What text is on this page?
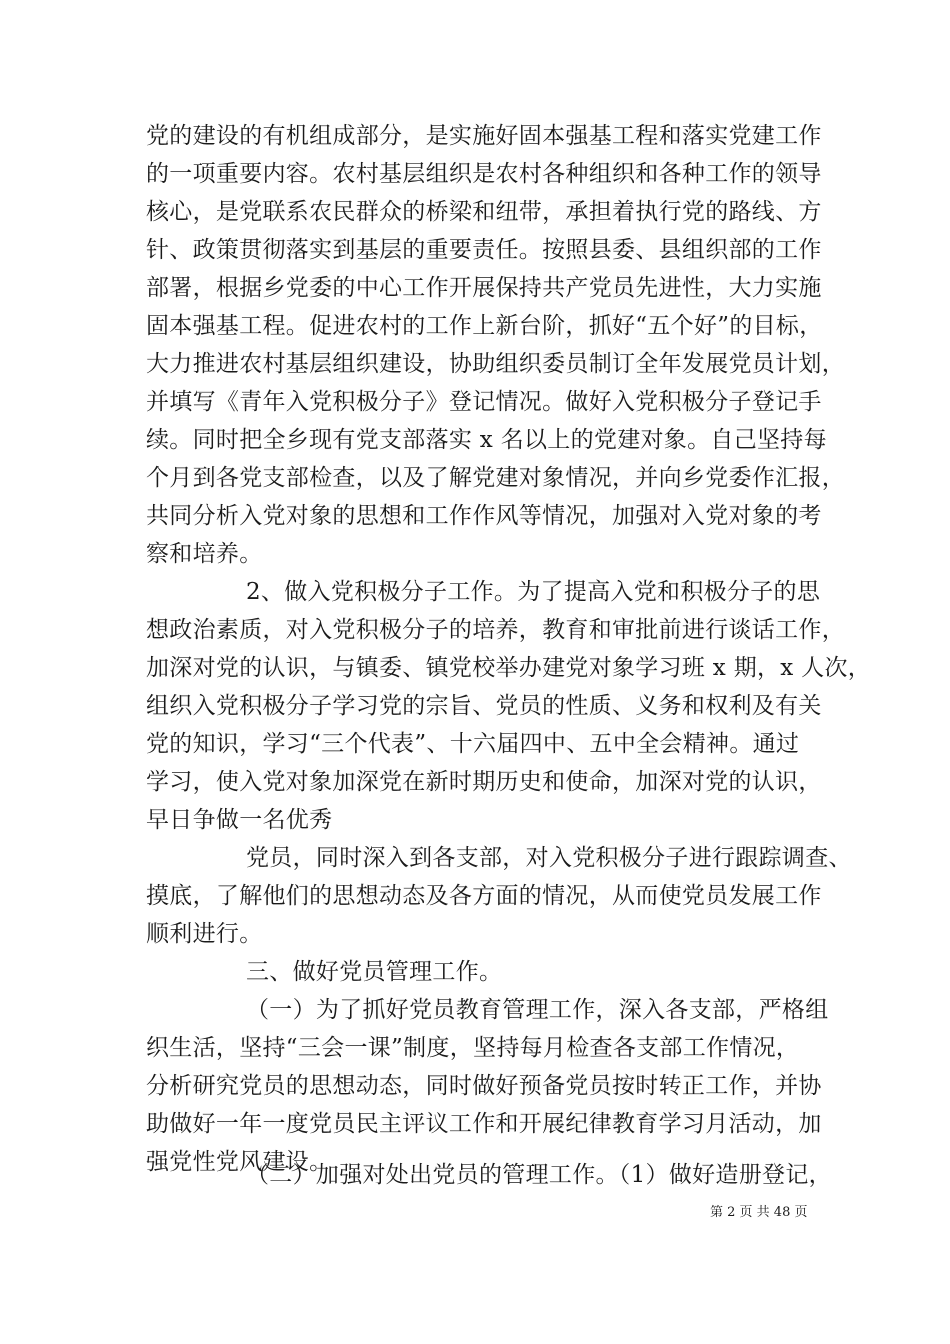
党的建设的有机组成部分，是实施好固本强基工程和落实党建工作
的一项重要内容。农村基层组织是农村各种组织和各种工作的领导
核心，是党联系农民群众的桥梁和纽带，承担着执行党的路线、方
针、政策贯彻落实到基层的重要责任。按照县委、县组织部的工作
部署，根据乡党委的中心工作开展保持共产党员先进性，大力实施
固本强基工程。促进农村的工作上新台阶，抓好“五个好”的目标，
大力推进农村基层组织建设，协助组织委员制订全年发展党员计划，
并填写《青年入党积极分子》登记情况。做好入党积极分子登记手
续。同时把全乡现有党支部落实 x 名以上的党建对象。自己坚持每
个月到各党支部检查，以及了解党建对象情况，并向乡党委作汇报，
共同分析入党对象的思想和工作作风等情况，加强对入党对象的考
察和培养。
2、做入党积极分子工作。为了提高入党和积极分子的思
想政治素质，对入党积极分子的培养，教育和审批前进行谈话工作，
加深对党的认识，与镇委、镇党校举办建党对象学习班 x 期，x 人次，
组织入党积极分子学习党的宗旨、党员的性质、义务和权利及有关
党的知识，学习“三个代表”、十六届四中、五中全会精神。通过
学习，使入党对象加深党在新时期历史和使命，加深对党的认识，
早日争做一名优秀
党员，同时深入到各支部，对入党积极分子进行跟踪调查、
摸底，了解他们的思想动态及各方面的情况，从而使党员发展工作
顺利进行。
三、做好党员管理工作。
（一）为了抓好党员教育管理工作，深入各支部，严格组
织生活，坚持“三会一课”制度，坚持每月检查各支部工作情况，
分析研究党员的思想动态，同时做好预备党员按时转正工作，并协
助做好一年一度党员民主评议工作和开展纪律教育学习月活动，加
强党性党风建设。
（二）加强对处出党员的管理工作。（1）做好造册登记，
第 2 页 共 48 页
